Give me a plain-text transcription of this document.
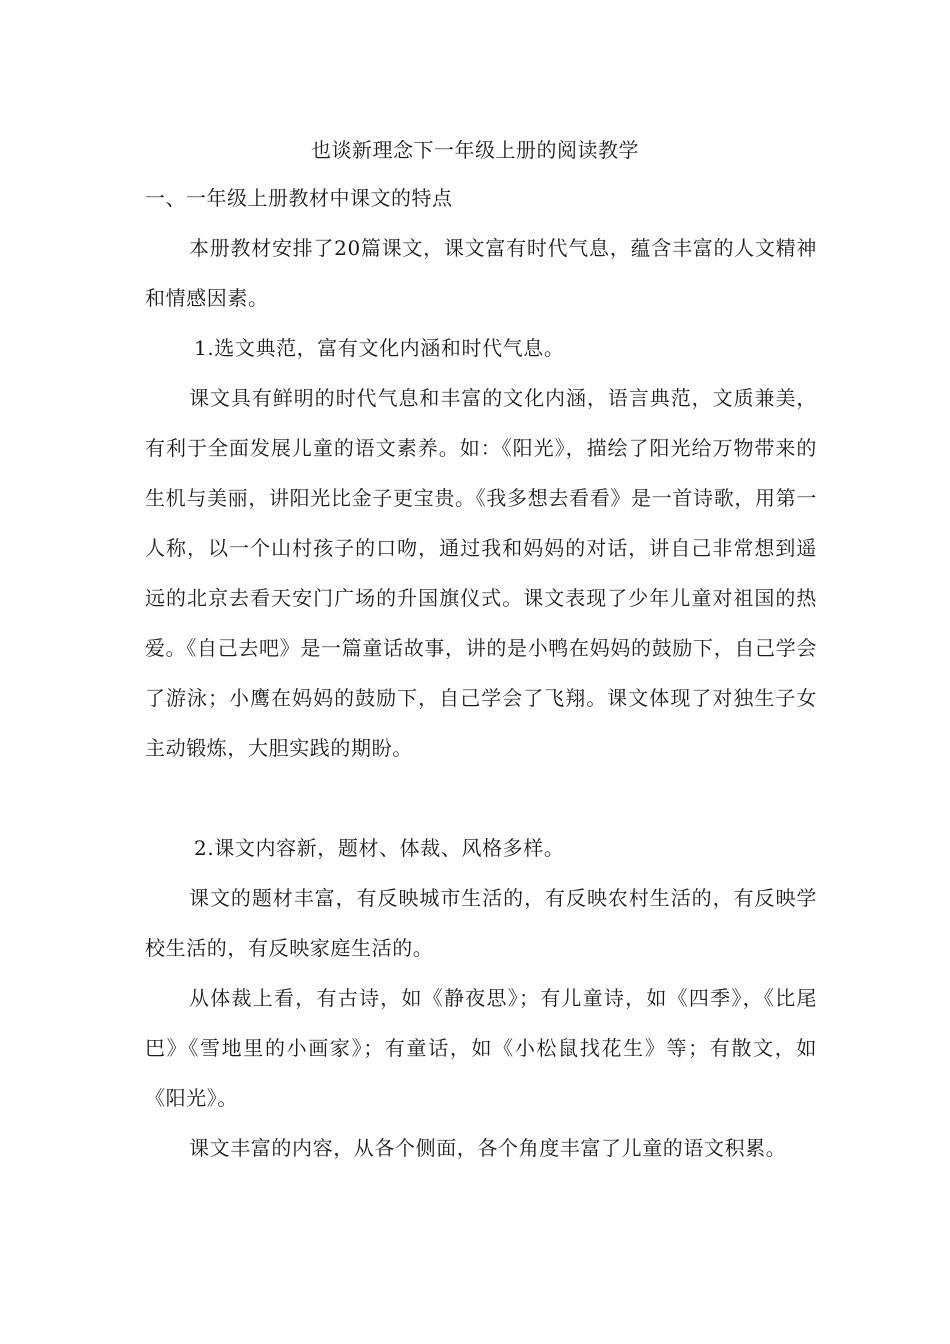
也谈新理念下一年级上册的阅读教学
一、一年级上册教材中课文的特点

本册教材安排了20篇课文，课文富有时代气息，蕴含丰富的人文精神和情感因素。

1.选文典范，富有文化内涵和时代气息。

课文具有鲜明的时代气息和丰富的文化内涵，语言典范，文质兼美，有利于全面发展儿童的语文素养。如：《阳光》，描绘了阳光给万物带来的生机与美丽，讲阳光比金子更宝贵。《我多想去看看》是一首诗歌，用第一人称，以一个山村孩子的口吻，通过我和妈妈的对话，讲自己非常想到遥远的北京去看天安门广场的升国旗仪式。课文表现了少年儿童对祖国的热爱。《自己去吧》是一篇童话故事，讲的是小鸭在妈妈的鼓励下，自己学会了游泳；小鹰在妈妈的鼓励下，自己学会了飞翔。课文体现了对独生子女主动锻炼，大胆实践的期盼。

2.课文内容新，题材、体裁、风格多样。

课文的题材丰富，有反映城市生活的，有反映农村生活的，有反映学校生活的，有反映家庭生活的。

从体裁上看，有古诗，如《静夜思》；有儿童诗，如《四季》，《比尾巴》《雪地里的小画家》；有童话，如《小松鼠找花生》等；有散文，如《阳光》。

课文丰富的内容，从各个侧面，各个角度丰富了儿童的语文积累。
